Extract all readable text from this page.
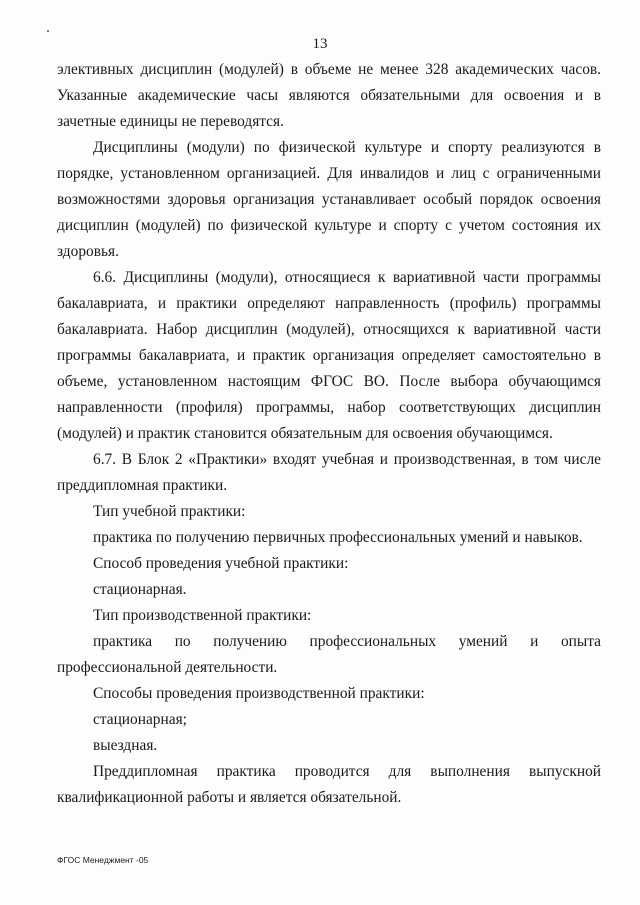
13

элективных дисциплин (модулей) в объеме не менее 328 академических часов. Указанные академические часы являются обязательными для освоения и в зачетные единицы не переводятся.

Дисциплины (модули) по физической культуре и спорту реализуются в порядке, установленном организацией. Для инвалидов и лиц с ограниченными возможностями здоровья организация устанавливает особый порядок освоения дисциплин (модулей) по физической культуре и спорту с учетом состояния их здоровья.

6.6. Дисциплины (модули), относящиеся к вариативной части программы бакалавриата, и практики определяют направленность (профиль) программы бакалавриата. Набор дисциплин (модулей), относящихся к вариативной части программы бакалавриата, и практик организация определяет самостоятельно в объеме, установленном настоящим ФГОС ВО. После выбора обучающимся направленности (профиля) программы, набор соответствующих дисциплин (модулей) и практик становится обязательным для освоения обучающимся.

6.7. В Блок 2 «Практики» входят учебная и производственная, в том числе преддипломная практики.

Тип учебной практики:

практика по получению первичных профессиональных умений и навыков.

Способ проведения учебной практики:

стационарная.

Тип производственной практики:

практика по получению профессиональных умений и опыта профессиональной деятельности.

Способы проведения производственной практики:

стационарная;

выездная.

Преддипломная практика проводится для выполнения выпускной квалификационной работы и является обязательной.

ФГОС Менеджмент -05
